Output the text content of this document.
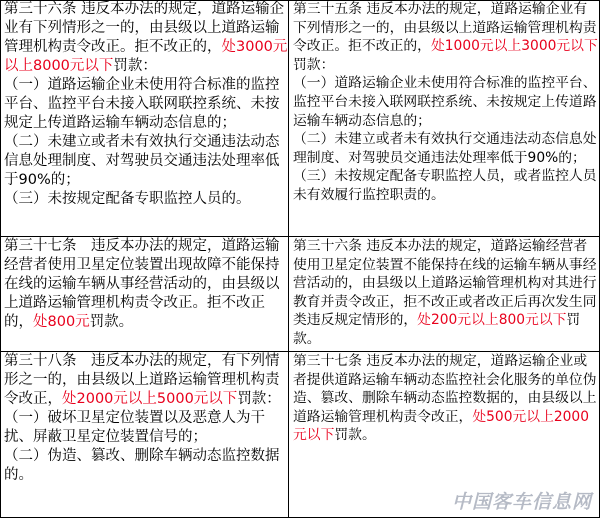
第三十六条 违反本办法的规定，道路运输企业有下列情形之一的，由县级以上道路运输管理机构责令改正。拒不改正的，处3000元以上8000元以下罚款：

（一）道路运输企业未使用符合标准的监控平台、监控平台未接入联网联控系统、未按规定上传道路运输车辆动态信息的；

（二）未建立或者未有效执行交通违法动态信息处理制度、对驾驶员交通违法处理率低于90%的；

（三）未按规定配备专职监控人员的。

第三十五条 违反本办法的规定，道路运输企业有下列情形之一的，由县级以上道路运输管理机构责令改正。拒不改正的，处1000元以上3000元以下罚款：

（一）道路运输企业未使用符合标准的监控平台、监控平台未接入联网联控系统、未按规定上传道路运输车辆动态信息的；

（二）未建立或者未有效执行交通违法动态信息处理制度、对驾驶员交通违法处理率低于90%的；

（三）未按规定配备专职监控人员，或者监控人员未有效履行监控职责的。

第三十七条　违反本办法的规定，道路运输经营者使用卫星定位装置出现故障不能保持在线的运输车辆从事经营活动的，由县级以上道路运输管理机构责令改正。拒不改正的，处800元罚款。

第三十六条 违反本办法的规定，道路运输经营者使用卫星定位装置不能保持在线的运输车辆从事经营活动的，由县级以上道路运输管理机构对其进行教育并责令改正，拒不改正或者改正后再次发生同类违反规定情形的，处200元以上800元以下罚款。

第三十八条　违反本办法的规定，有下列情形之一的，由县级以上道路运输管理机构责令改正，处2000元以上5000元以下罚款：

（一）破坏卫星定位装置以及恶意人为干扰、屏蔽卫星定位装置信号的；

（二）伪造、篡改、删除车辆动态监控数据的。

第三十七条 违反本办法的规定，道路运输企业或者提供道路运输车辆动态监控社会化服务的单位伪造、篡改、删除车辆动态监控数据的，由县级以上道路运输管理机构责令改正，处500元以上2000元以下罚款。

中国客车信息网
